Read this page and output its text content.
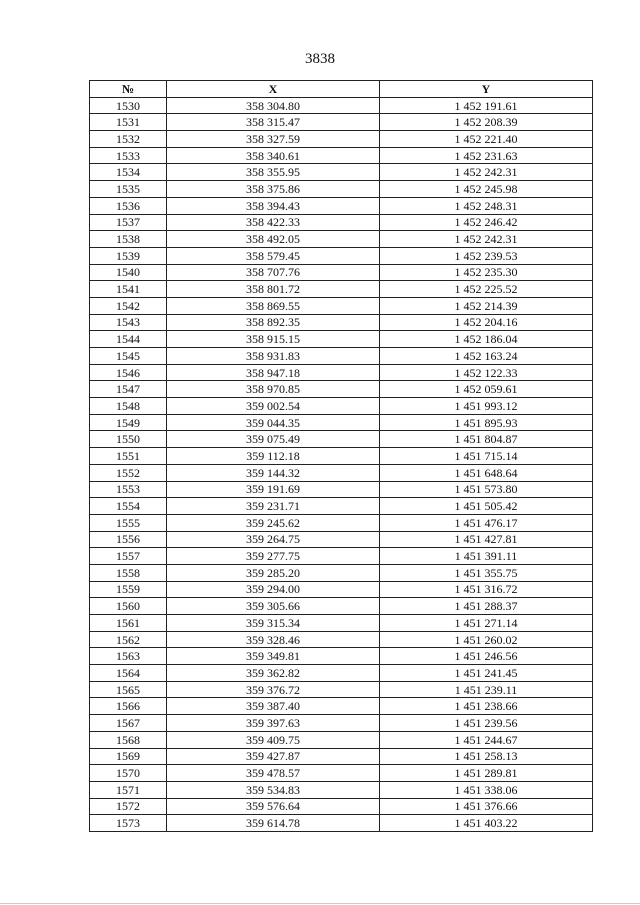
3838
№	X	Y
1530	358 304.80	1 452 191.61
1531	358 315.47	1 452 208.39
1532	358 327.59	1 452 221.40
1533	358 340.61	1 452 231.63
1534	358 355.95	1 452 242.31
1535	358 375.86	1 452 245.98
1536	358 394.43	1 452 248.31
1537	358 422.33	1 452 246.42
1538	358 492.05	1 452 242.31
1539	358 579.45	1 452 239.53
1540	358 707.76	1 452 235.30
1541	358 801.72	1 452 225.52
1542	358 869.55	1 452 214.39
1543	358 892.35	1 452 204.16
1544	358 915.15	1 452 186.04
1545	358 931.83	1 452 163.24
1546	358 947.18	1 452 122.33
1547	358 970.85	1 452 059.61
1548	359 002.54	1 451 993.12
1549	359 044.35	1 451 895.93
1550	359 075.49	1 451 804.87
1551	359 112.18	1 451 715.14
1552	359 144.32	1 451 648.64
1553	359 191.69	1 451 573.80
1554	359 231.71	1 451 505.42
1555	359 245.62	1 451 476.17
1556	359 264.75	1 451 427.81
1557	359 277.75	1 451 391.11
1558	359 285.20	1 451 355.75
1559	359 294.00	1 451 316.72
1560	359 305.66	1 451 288.37
1561	359 315.34	1 451 271.14
1562	359 328.46	1 451 260.02
1563	359 349.81	1 451 246.56
1564	359 362.82	1 451 241.45
1565	359 376.72	1 451 239.11
1566	359 387.40	1 451 238.66
1567	359 397.63	1 451 239.56
1568	359 409.75	1 451 244.67
1569	359 427.87	1 451 258.13
1570	359 478.57	1 451 289.81
1571	359 534.83	1 451 338.06
1572	359 576.64	1 451 376.66
1573	359 614.78	1 451 403.22
